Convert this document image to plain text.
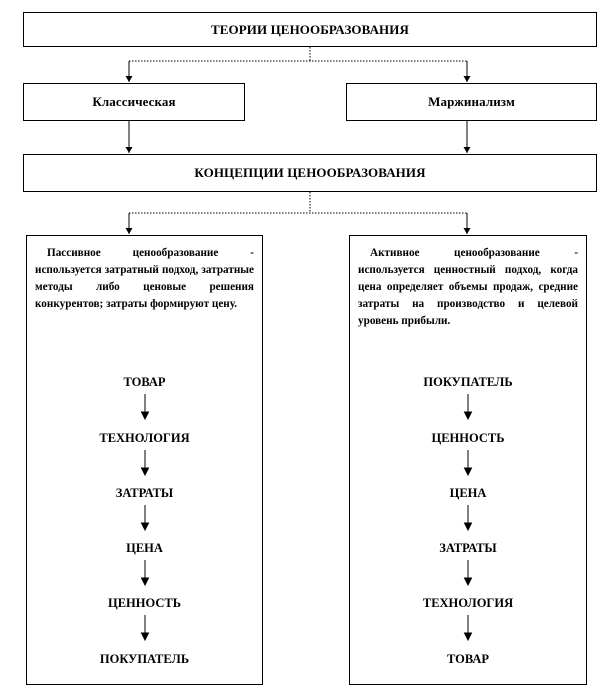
ТЕОРИИ ЦЕНООБРАЗОВАНИЯ
Классическая	Маржинализм
КОНЦЕПЦИИ ЦЕНООБРАЗОВАНИЯ
Пассивное ценообразование - используется затратный подход, затратные методы либо ценовые решения конкурентов; затраты формируют цену.
ТОВАР
ТЕХНОЛОГИЯ
ЗАТРАТЫ
ЦЕНА
ЦЕННОСТЬ
ПОКУПАТЕЛЬ
Активное ценообразование - используется ценностный подход, когда цена определяет объемы продаж, средние затраты на производство и целевой уровень прибыли.
ПОКУПАТЕЛЬ
ЦЕННОСТЬ
ЦЕНА
ЗАТРАТЫ
ТЕХНОЛОГИЯ
ТОВАР
